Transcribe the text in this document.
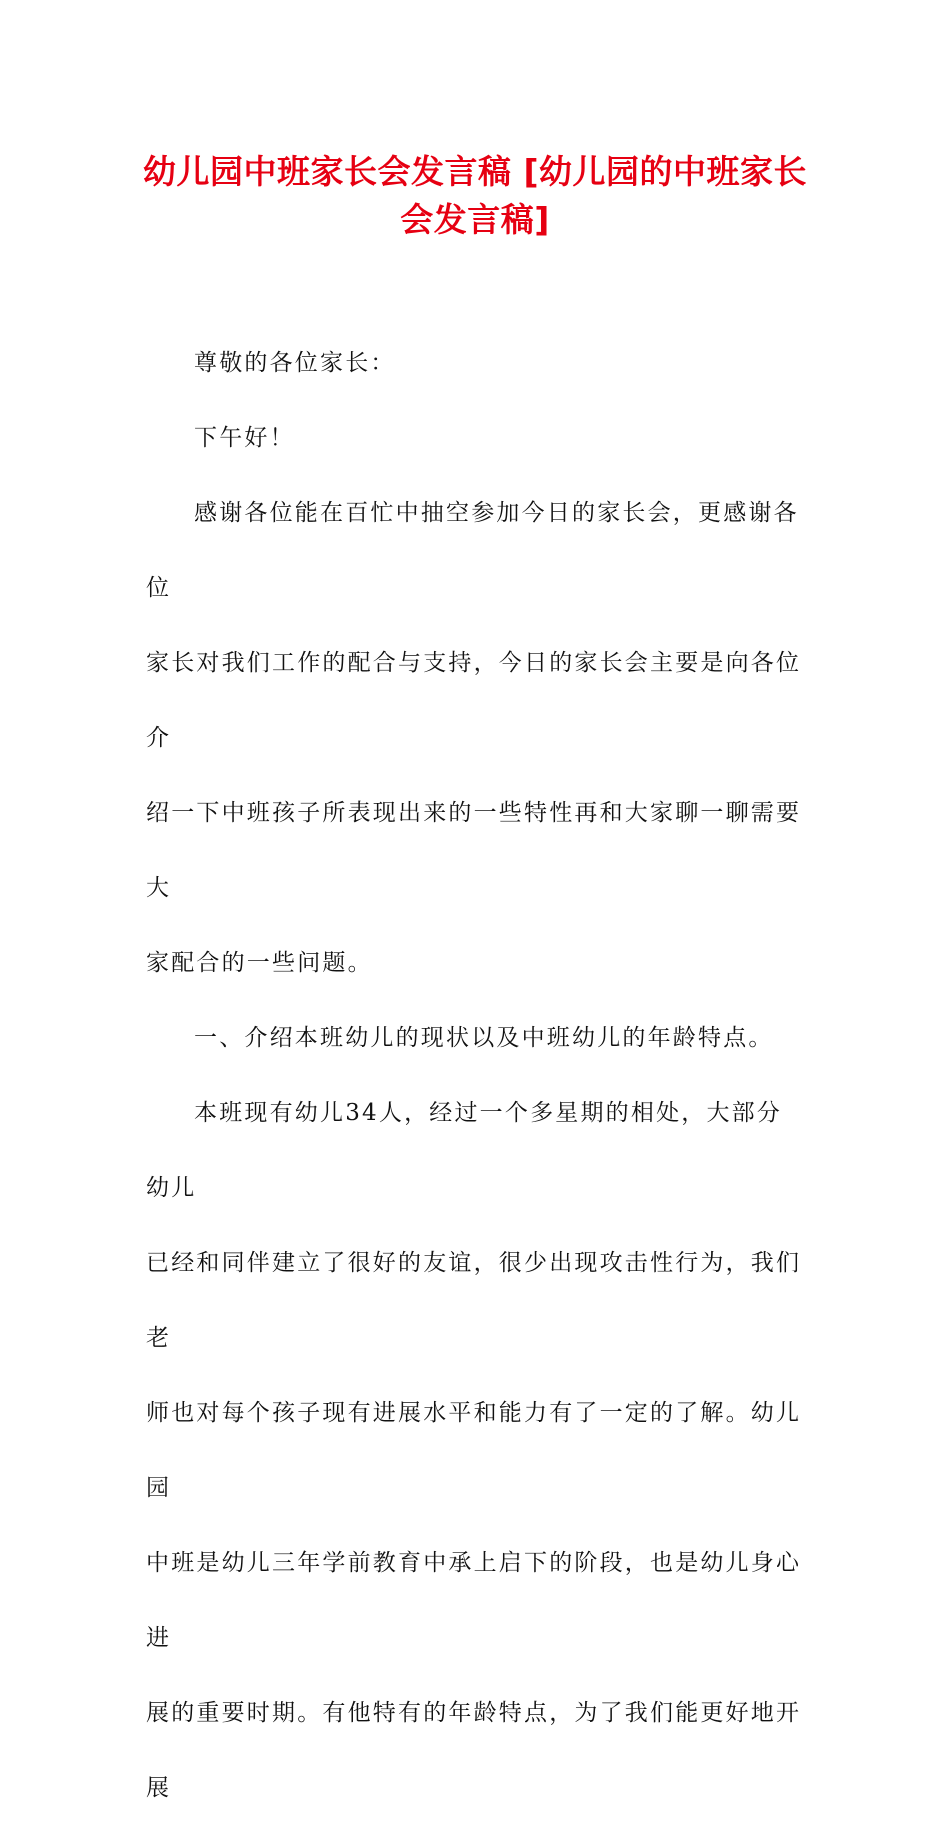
幼儿园中班家长会发言稿 [幼儿园的中班家长
会发言稿]

尊敬的各位家长：

下午好！

感谢各位能在百忙中抽空参加今日的家长会，更感谢各位
家长对我们工作的配合与支持，今日的家长会主要是向各位介
绍一下中班孩子所表现出来的一些特性再和大家聊一聊需要大
家配合的一些问题。

一、介绍本班幼儿的现状以及中班幼儿的年龄特点。

本班现有幼儿34人，经过一个多星期的相处，大部分幼儿
已经和同伴建立了很好的友谊，很少出现攻击性行为，我们老
师也对每个孩子现有进展水平和能力有了一定的了解。幼儿园
中班是幼儿三年学前教育中承上启下的阶段，也是幼儿身心进
展的重要时期。有他特有的年龄特点，为了我们能更好地开展
